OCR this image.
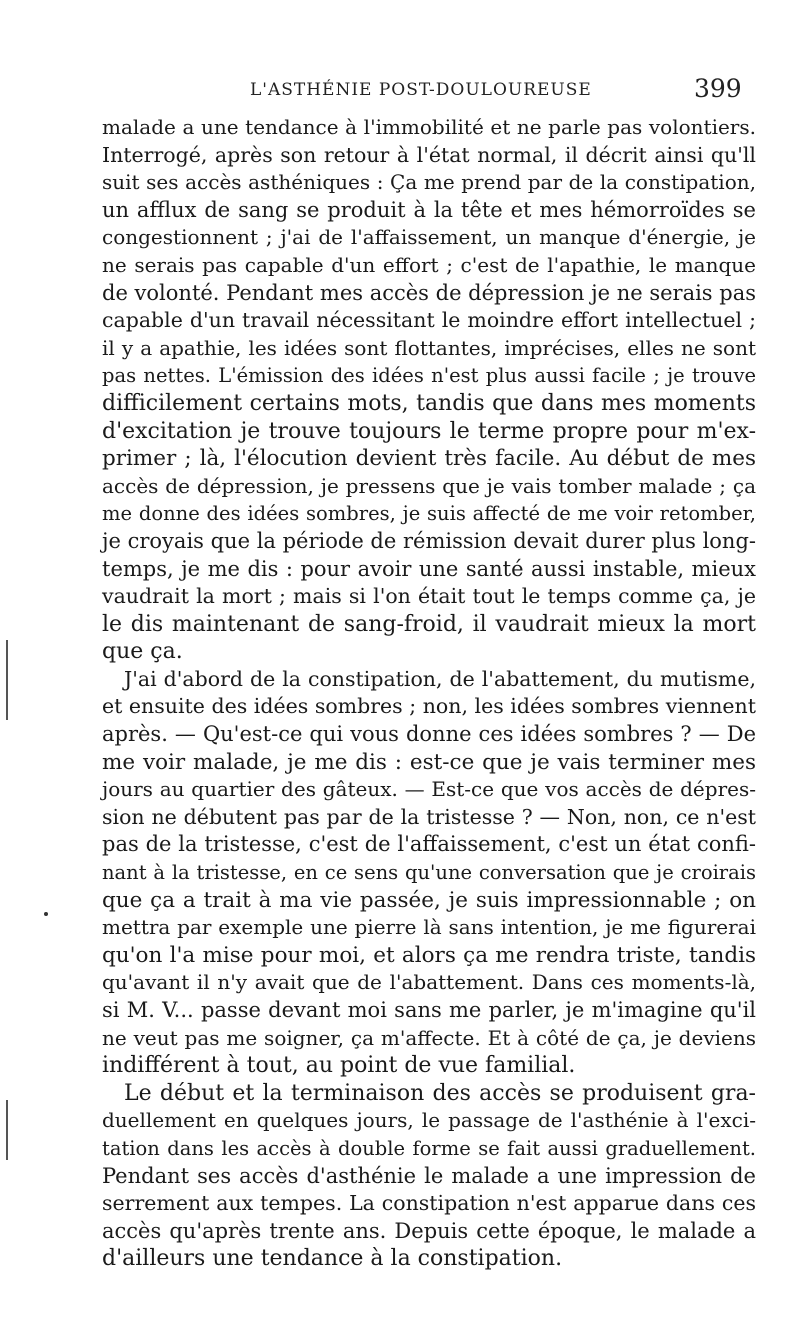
L'ASTHÉNIE POST-DOULOUREUSE	399
malade a une tendance à l'immobilité et ne parle pas volontiers.
Interrogé, après son retour à l'état normal, il décrit ainsi qu'll
suit ses accès asthéniques : Ça me prend par de la constipation,
un afflux de sang se produit à la tête et mes hémorroïdes se
congestionnent ; j'ai de l'affaissement, un manque d'énergie, je
ne serais pas capable d'un effort ; c'est de l'apathie, le manque
de volonté. Pendant mes accès de dépression je ne serais pas
capable d'un travail nécessitant le moindre effort intellectuel ;
il y a apathie, les idées sont flottantes, imprécises, elles ne sont
pas nettes. L'émission des idées n'est plus aussi facile ; je trouve
difficilement certains mots, tandis que dans mes moments
d'excitation je trouve toujours le terme propre pour m'ex-
primer ; là, l'élocution devient très facile. Au début de mes
accès de dépression, je pressens que je vais tomber malade ; ça
me donne des idées sombres, je suis affecté de me voir retomber,
je croyais que la période de rémission devait durer plus long-
temps, je me dis : pour avoir une santé aussi instable, mieux
vaudrait la mort ; mais si l'on était tout le temps comme ça, je
le dis maintenant de sang-froid, il vaudrait mieux la mort
que ça.
J'ai d'abord de la constipation, de l'abattement, du mutisme,
et ensuite des idées sombres ; non, les idées sombres viennent
après. — Qu'est-ce qui vous donne ces idées sombres ? — De
me voir malade, je me dis : est-ce que je vais terminer mes
jours au quartier des gâteux. — Est-ce que vos accès de dépres-
sion ne débutent pas par de la tristesse ? — Non, non, ce n'est
pas de la tristesse, c'est de l'affaissement, c'est un état confi-
nant à la tristesse, en ce sens qu'une conversation que je croirais
que ça a trait à ma vie passée, je suis impressionnable ; on
mettra par exemple une pierre là sans intention, je me figurerai
qu'on l'a mise pour moi, et alors ça me rendra triste, tandis
qu'avant il n'y avait que de l'abattement. Dans ces moments-là,
si M. V... passe devant moi sans me parler, je m'imagine qu'il
ne veut pas me soigner, ça m'affecte. Et à côté de ça, je deviens
indifférent à tout, au point de vue familial.
Le début et la terminaison des accès se produisent gra-
duellement en quelques jours, le passage de l'asthénie à l'exci-
tation dans les accès à double forme se fait aussi graduellement.
Pendant ses accès d'asthénie le malade a une impression de
serrement aux tempes. La constipation n'est apparue dans ces
accès qu'après trente ans. Depuis cette époque, le malade a
d'ailleurs une tendance à la constipation.
